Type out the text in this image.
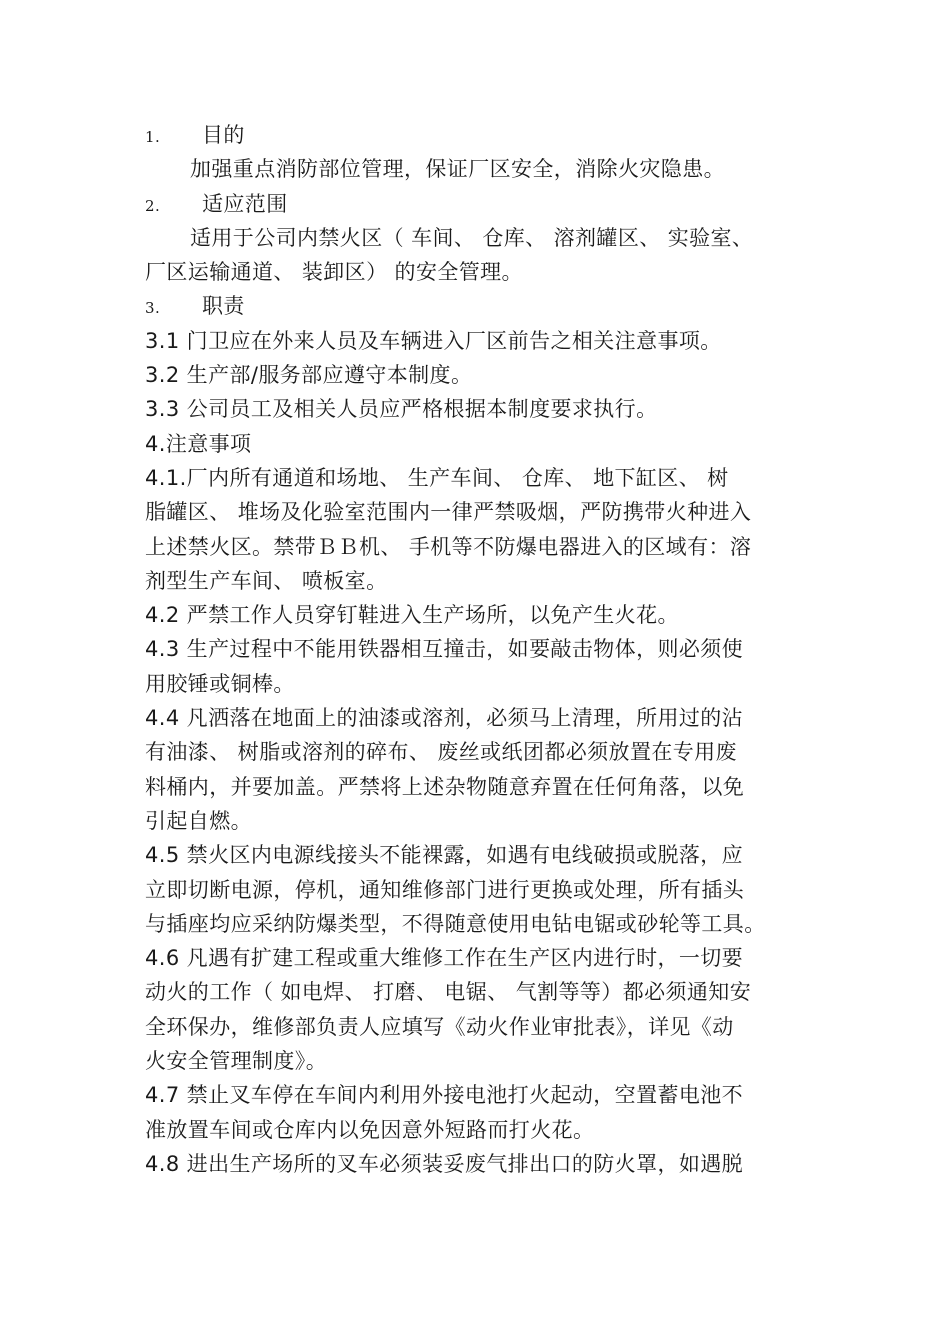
1.	目的
加强重点消防部位管理，保证厂区安全，消除火灾隐患。
2.	适应范围
适用于公司内禁火区（ 车间、 仓库、 溶剂罐区、 实验室、
厂区运输通道、 装卸区） 的安全管理。
3.	职责
3.1 门卫应在外来人员及车辆进入厂区前告之相关注意事项。
3.2 生产部/服务部应遵守本制度。
3.3 公司员工及相关人员应严格根据本制度要求执行。
4.注意事项
4.1.厂内所有通道和场地、 生产车间、 仓库、 地下缸区、 树
脂罐区、 堆场及化验室范围内一律严禁吸烟，严防携带火种进入
上述禁火区。禁带ＢＢ机、 手机等不防爆电器进入的区域有：溶
剂型生产车间、 喷板室。
4.2 严禁工作人员穿钉鞋进入生产场所，以免产生火花。
4.3 生产过程中不能用铁器相互撞击，如要敲击物体，则必须使
用胶锤或铜棒。
4.4 凡洒落在地面上的油漆或溶剂，必须马上清理，所用过的沾
有油漆、 树脂或溶剂的碎布、 废丝或纸团都必须放置在专用废
料桶内，并要加盖。严禁将上述杂物随意弃置在任何角落，以免
引起自燃。
4.5 禁火区内电源线接头不能裸露，如遇有电线破损或脱落，应
立即切断电源，停机，通知维修部门进行更换或处理，所有插头
与插座均应采纳防爆类型，不得随意使用电钻电锯或砂轮等工具。
4.6 凡遇有扩建工程或重大维修工作在生产区内进行时，一切要
动火的工作（ 如电焊、 打磨、 电锯、 气割等等）都必须通知安
全环保办，维修部负责人应填写《动火作业审批表》，详见《动
火安全管理制度》。
4.7 禁止叉车停在车间内利用外接电池打火起动，空置蓄电池不
准放置车间或仓库内以免因意外短路而打火花。
4.8 进出生产场所的叉车必须装妥废气排出口的防火罩，如遇脱
